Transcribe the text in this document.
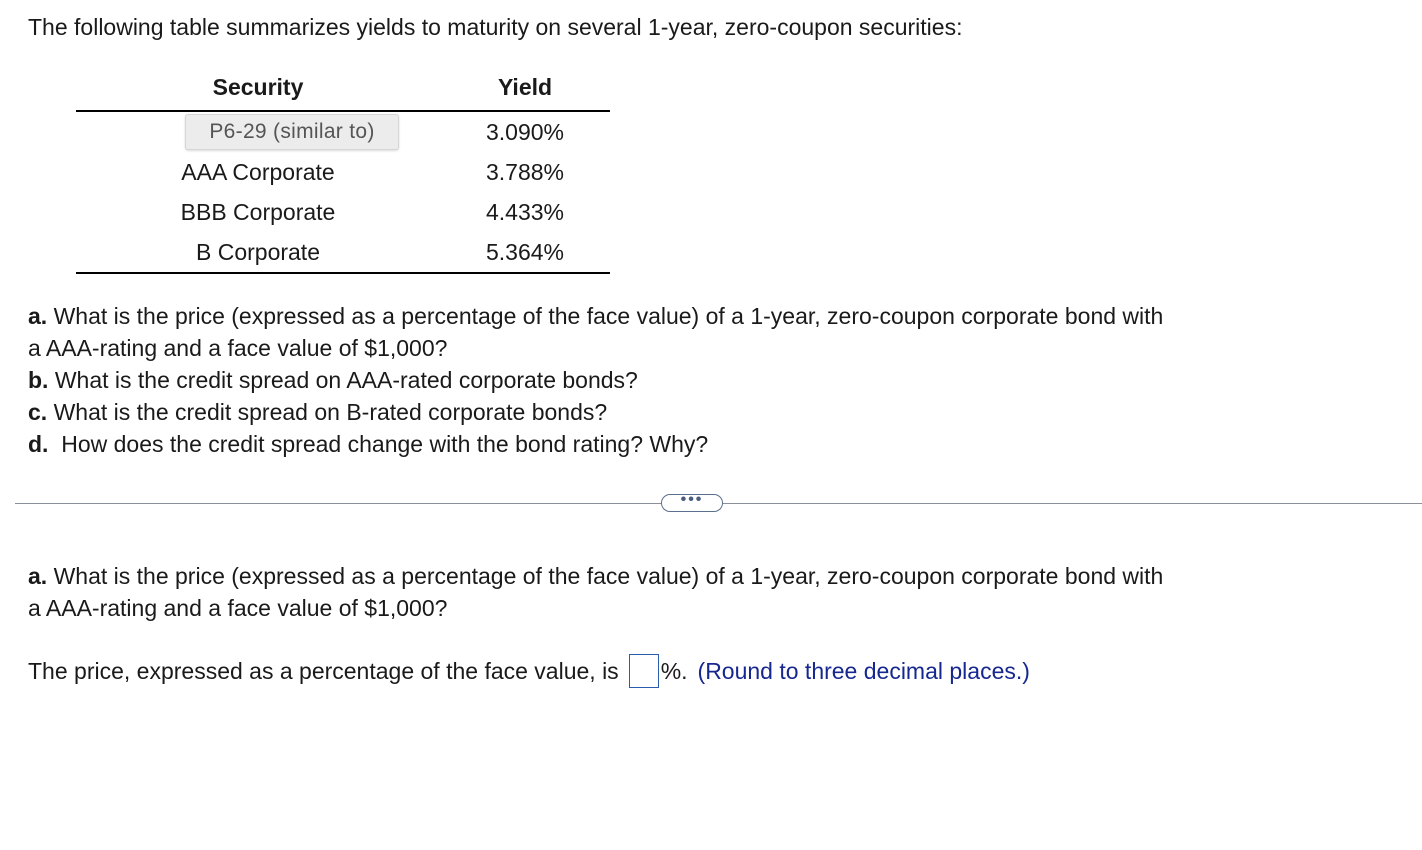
The following table summarizes yields to maturity on several 1-year, zero-coupon securities:
Security	Yield
P6-29 (similar to)	3.090%
AAA Corporate	3.788%
BBB Corporate	4.433%
B Corporate	5.364%
a. What is the price (expressed as a percentage of the face value) of a 1-year, zero-coupon corporate bond with
a AAA-rating and a face value of $1,000?
b. What is the credit spread on AAA-rated corporate bonds?
c. What is the credit spread on B-rated corporate bonds?
d.  How does the credit spread change with the bond rating? Why?
•••
a. What is the price (expressed as a percentage of the face value) of a 1-year, zero-coupon corporate bond with
a AAA-rating and a face value of $1,000?
The price, expressed as a percentage of the face value, is %. (Round to three decimal places.)
